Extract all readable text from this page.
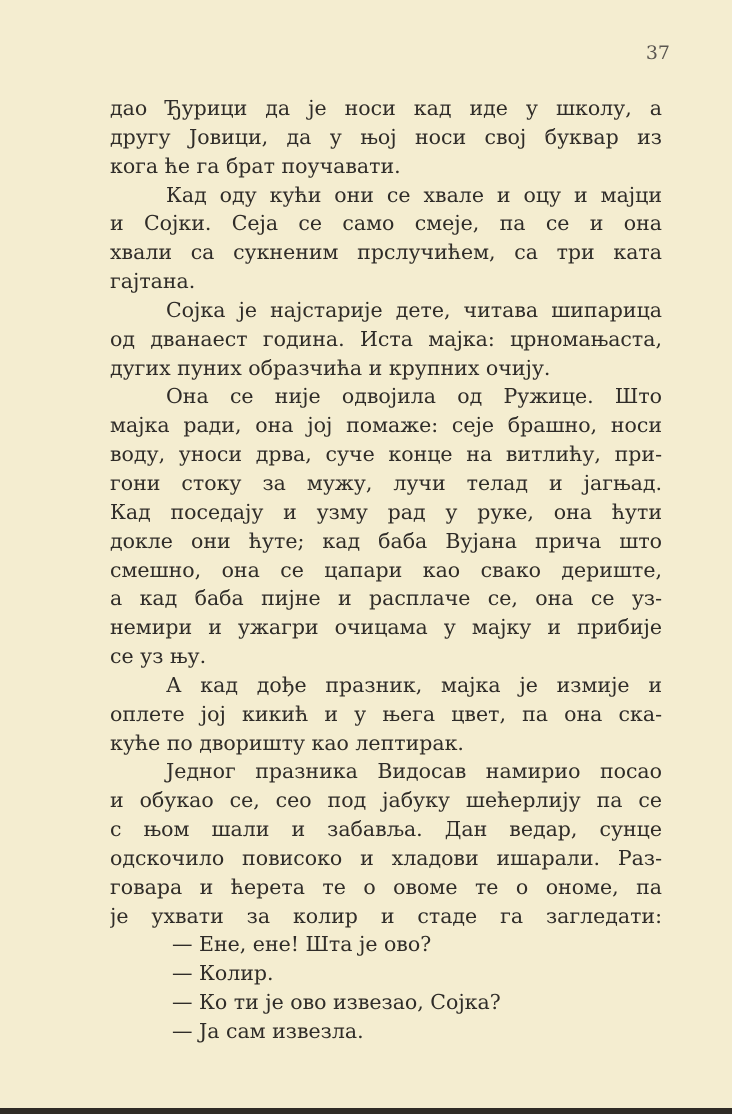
37
дао Ђурици да је носи кад иде у школу, а
другу Јовици, да у њој носи свој буквар из
кога ће га брат поучавати.
Кад оду кући они се хвале и оцу и мајци
и Сојки. Сеја се само смеје, па се и она
хвали са сукненим прслучићем, са три ката
гајтана.
Сојка је најстарије дете, читава шипарица
од дванаест година. Иста мајка: црномањаста,
дугих пуних образчића и крупних очију.
Она се није одвојила од Ружице. Што
мајка ради, она јој помаже: сеје брашно, носи
воду, уноси дрва, суче конце на витлићу, при-
гони стоку за мужу, лучи телад и јагњад.
Кад поседају и узму рад у руке, она ћути
докле они ћуте; кад баба Вујана прича што
смешно, она се цапари као свако дериште,
а кад баба пијне и расплаче се, она се уз-
немири и ужагри очицама у мајку и прибије
се уз њу.
А кад дође празник, мајка је измије и
оплете јој кикић и у њега цвет, па она ска-
куће по дворишту као лептирак.
Једног празника Видосав намирио посао
и обукао се, сео под јабуку шећерлију па се
с њом шали и забавља. Дан ведар, сунце
одскочило повисоко и хладови ишарали. Раз-
говара и ћерета те о овоме те о ономе, па
је ухвати за колир и стаде га загледати:
— Ене, ене! Шта је ово?
— Колир.
— Ко ти је ово извезао, Сојка?
— Ја сам извезла.
